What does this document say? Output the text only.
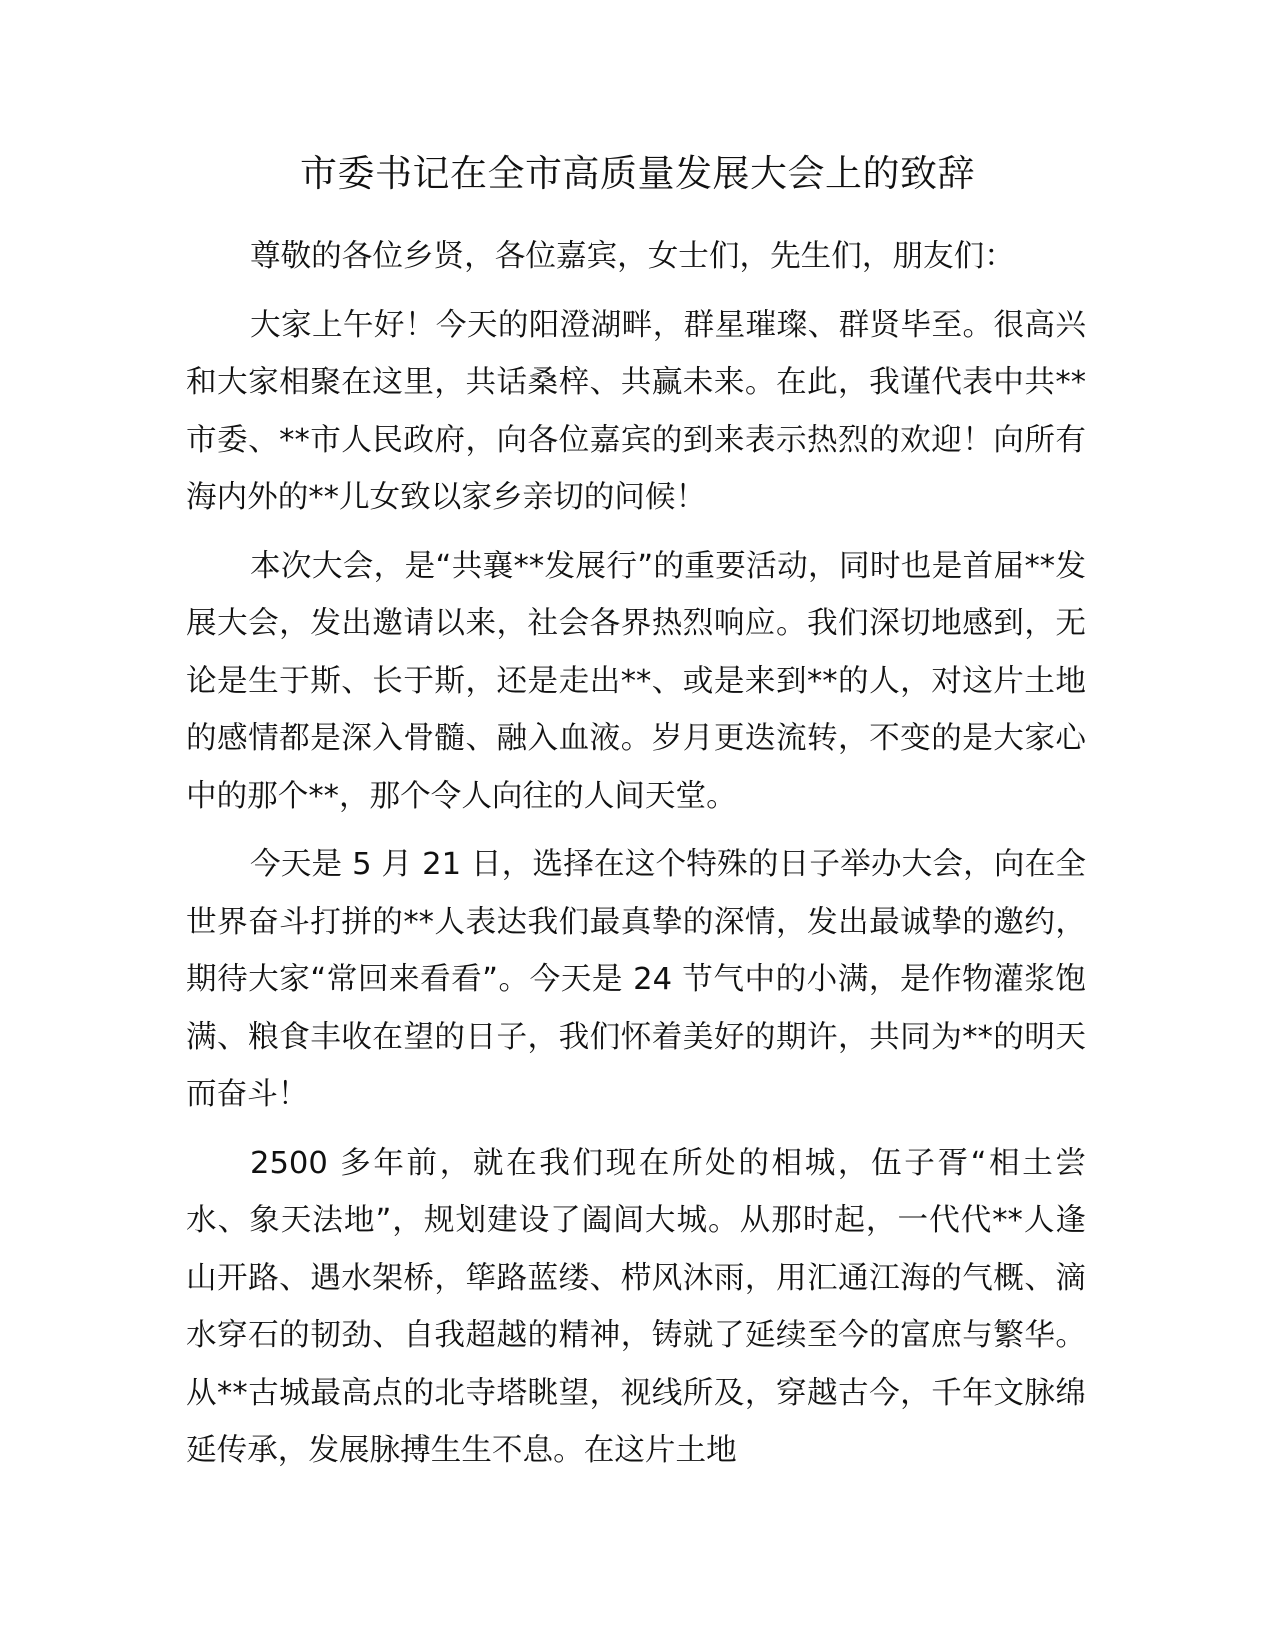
市委书记在全市高质量发展大会上的致辞

尊敬的各位乡贤，各位嘉宾，女士们，先生们，朋友们：

大家上午好！今天的阳澄湖畔，群星璀璨、群贤毕至。很高兴和大家相聚在这里，共话桑梓、共赢未来。在此，我谨代表中共**市委、**市人民政府，向各位嘉宾的到来表示热烈的欢迎！向所有海内外的**儿女致以家乡亲切的问候！

本次大会，是“共襄**发展行”的重要活动，同时也是首届**发展大会，发出邀请以来，社会各界热烈响应。我们深切地感到，无论是生于斯、长于斯，还是走出**、或是来到**的人，对这片土地的感情都是深入骨髓、融入血液。岁月更迭流转，不变的是大家心中的那个**，那个令人向往的人间天堂。

今天是 5 月 21 日，选择在这个特殊的日子举办大会，向在全世界奋斗打拼的**人表达我们最真挚的深情，发出最诚挚的邀约，期待大家“常回来看看”。今天是 24 节气中的小满，是作物灌浆饱满、粮食丰收在望的日子，我们怀着美好的期许，共同为**的明天而奋斗！

2500 多年前，就在我们现在所处的相城，伍子胥“相土尝水、象天法地”，规划建设了阖闾大城。从那时起，一代代**人逢山开路、遇水架桥，筚路蓝缕、栉风沐雨，用汇通江海的气概、滴水穿石的韧劲、自我超越的精神，铸就了延续至今的富庶与繁华。从**古城最高点的北寺塔眺望，视线所及，穿越古今，千年文脉绵延传承，发展脉搏生生不息。在这片土地
